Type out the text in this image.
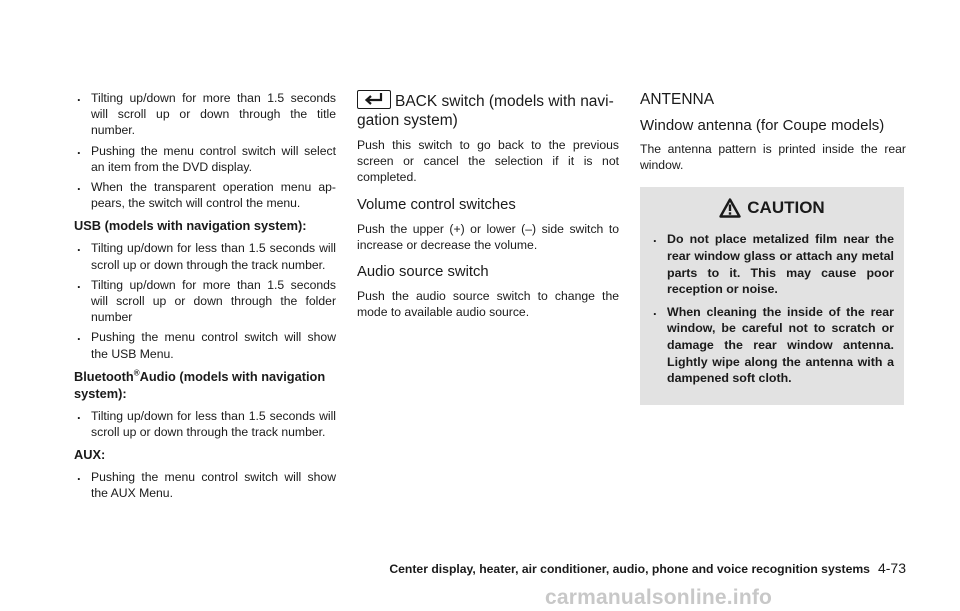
. Tilting up/down for more than 1.5 seconds will scroll up or down through the title number.
. Pushing the menu control switch will select an item from the DVD display.
. When the transparent operation menu ap-pears, the switch will control the menu.
USB (models with navigation system):
. Tilting up/down for less than 1.5 seconds will scroll up or down through the track number.
. Tilting up/down for more than 1.5 seconds will scroll up or down through the folder number
. Pushing the menu control switch will show the USB Menu.
Bluetooth®Audio (models with navigation system):
. Tilting up/down for less than 1.5 seconds will scroll up or down through the track number.
AUX:
. Pushing the menu control switch will show the AUX Menu.
BACK switch (models with navi-gation system)

Push this switch to go back to the previous screen or cancel the selection if it is not completed.

Volume control switches

Push the upper (+) or lower (–) side switch to increase or decrease the volume.

Audio source switch

Push the audio source switch to change the mode to available audio source.

ANTENNA
Window antenna (for Coupe models)

The antenna pattern is printed inside the rear window.

CAUTION
. Do not place metalized film near the rear window glass or attach any metal parts to it. This may cause poor reception or noise.
. When cleaning the inside of the rear window, be careful not to scratch or damage the rear window antenna. Lightly wipe along the antenna with a dampened soft cloth.
Center display, heater, air conditioner, audio, phone and voice recognition systems 4-73
carmanualsonline.info
